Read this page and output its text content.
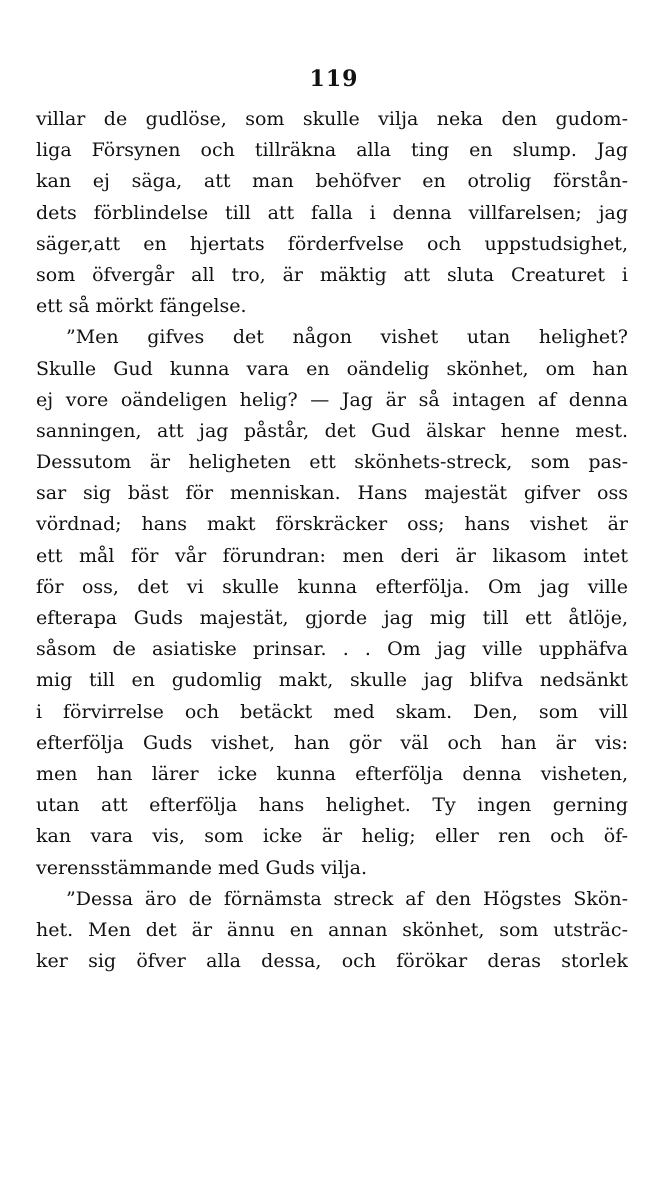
119
villar de gudlöse, som skulle vilja neka den gudom-
liga Försynen och tillräkna alla ting en slump. Jag
kan ej säga, att man behöfver en otrolig förstån-
dets förblindelse till att falla i denna villfarelsen; jag
säger,att en hjertats förderfvelse och uppstudsighet,
som öfvergår all tro, är mäktig att sluta Creaturet i
ett så mörkt fängelse.
”Men gifves det någon vishet utan helighet?
Skulle Gud kunna vara en oändelig skönhet, om han
ej vore oändeligen helig? — Jag är så intagen af denna
sanningen, att jag påstår, det Gud älskar henne mest.
Dessutom är heligheten ett skönhets-streck, som pas-
sar sig bäst för menniskan. Hans majestät gifver oss
vördnad; hans makt förskräcker oss; hans vishet är
ett mål för vår förundran: men deri är likasom intet
för oss, det vi skulle kunna efterfölja. Om jag ville
efterapa Guds majestät, gjorde jag mig till ett åtlöje,
såsom de asiatiske prinsar. . . Om jag ville upphäfva
mig till en gudomlig makt, skulle jag blifva nedsänkt
i förvirrelse och betäckt med skam. Den, som vill
efterfölja Guds vishet, han gör väl och han är vis:
men han lärer icke kunna efterfölja denna visheten,
utan att efterfölja hans helighet. Ty ingen gerning
kan vara vis, som icke är helig; eller ren och öf-
verensstämmande med Guds vilja.
”Dessa äro de förnämsta streck af den Högstes Skön-
het. Men det är ännu en annan skönhet, som utsträc-
ker sig öfver alla dessa, och förökar deras storlek
